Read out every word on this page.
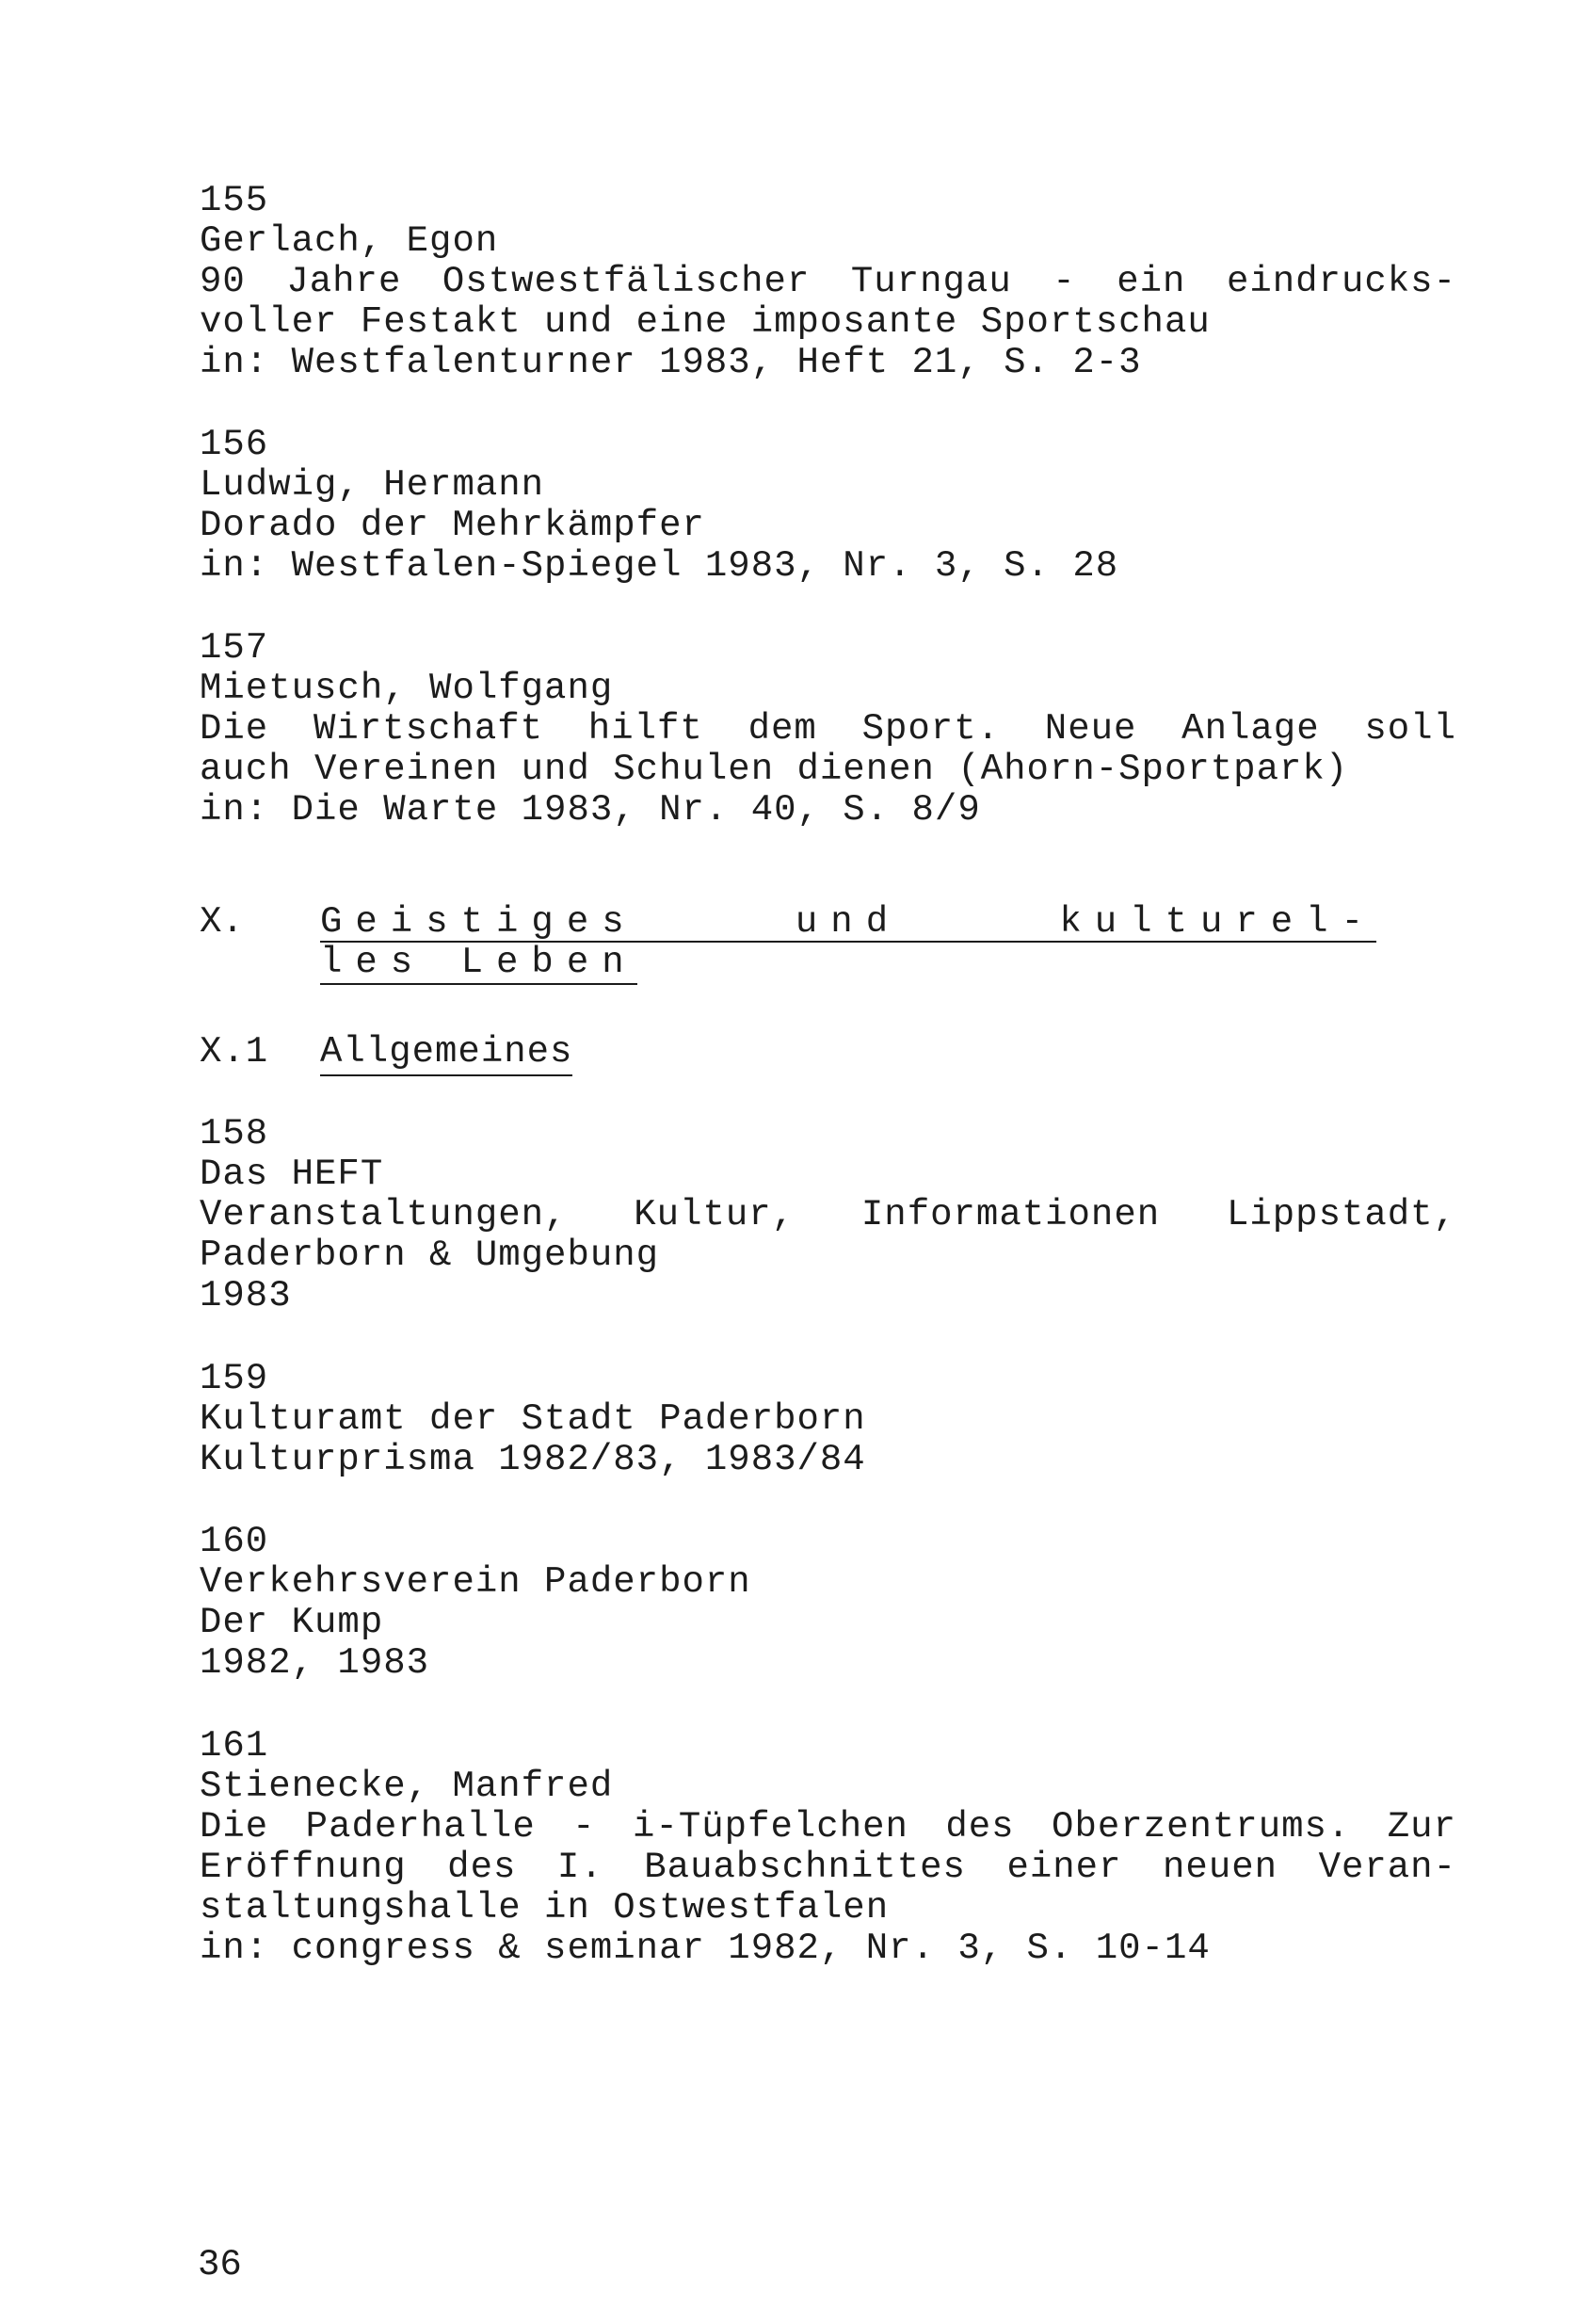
155
Gerlach, Egon
90 Jahre Ostwestfälischer Turngau - ein eindrucks-
voller Festakt und eine imposante Sportschau
in: Westfalenturner 1983, Heft 21, S. 2-3
156
Ludwig, Hermann
Dorado der Mehrkämpfer
in: Westfalen-Spiegel 1983, Nr. 3, S. 28
157
Mietusch, Wolfgang
Die Wirtschaft hilft dem Sport. Neue Anlage soll
auch Vereinen und Schulen dienen (Ahorn-Sportpark)
in: Die Warte 1983, Nr. 40, S. 8/9
X. Geistiges und kulturel-
les Leben
X.1 Allgemeines
158
Das HEFT
Veranstaltungen, Kultur, Informationen Lippstadt,
Paderborn & Umgebung
1983
159
Kulturamt der Stadt Paderborn
Kulturprisma 1982/83, 1983/84
160
Verkehrsverein Paderborn
Der Kump
1982, 1983
161
Stienecke, Manfred
Die Paderhalle - i-Tüpfelchen des Oberzentrums. Zur
Eröffnung des I. Bauabschnittes einer neuen Veran-
staltungshalle in Ostwestfalen
in: congress & seminar 1982, Nr. 3, S. 10-14
36
